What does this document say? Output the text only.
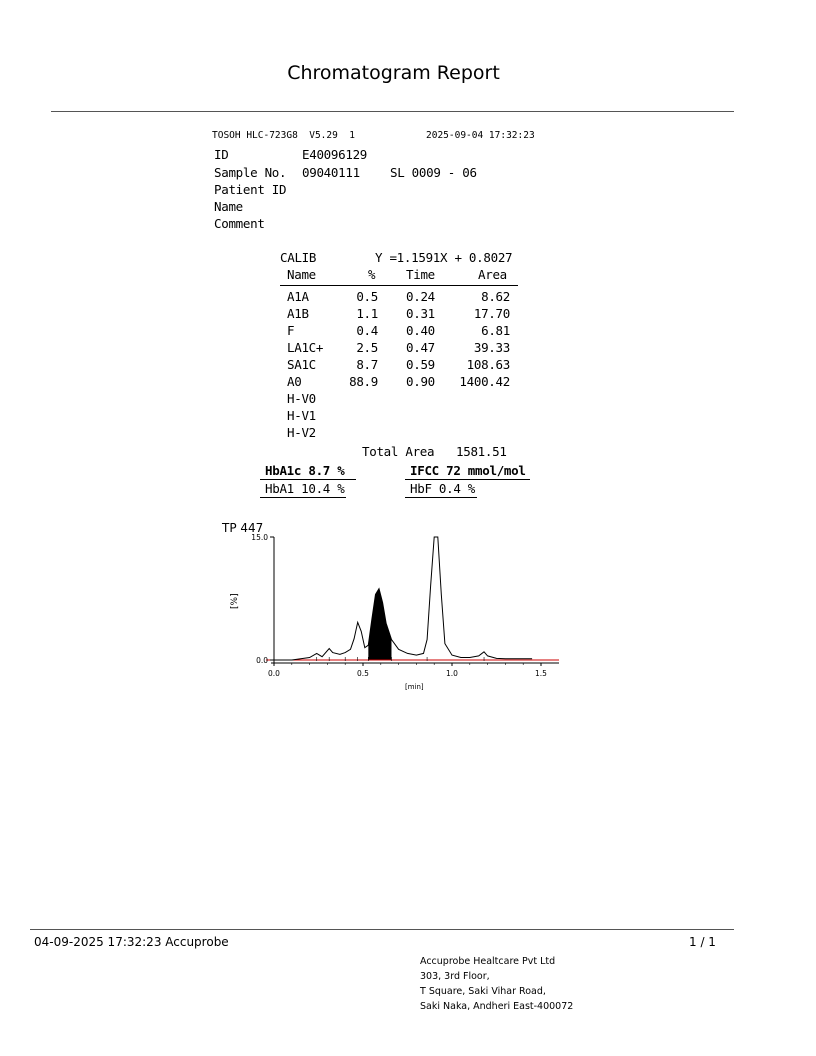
Chromatogram Report
TOSOH HLC-723G8  V5.29  1	2025-09-04 17:32:23
ID	E40096129
Sample No. 09040111 SL 0009 - 06
Patient ID
Name
Comment
CALIB	Y =1.1591X + 0.8027
Name	% Time	Area
A1A	0.5 0.24	8.62
A1B	1.1 0.31	17.70
F	0.4 0.40	6.81
LA1C+	2.5 0.47	39.33
SA1C	8.7 0.59	108.63
A0	88.9 0.90 1400.42
H-V0
H-V1
H-V2
Total Area 1581.51
HbA1c 8.7 %	IFCC 72 mmol/mol
HbA1 10.4 %	HbF 0.4 %
TP 447
[%]
[min]
0.0
15.0
0.0	0.5	1.0	1.5
04-09-2025 17:32:23 Accuprobe	1 / 1
Accuprobe Healtcare Pvt Ltd
303, 3rd Floor,
T Square, Saki Vihar Road,
Saki Naka, Andheri East-400072
